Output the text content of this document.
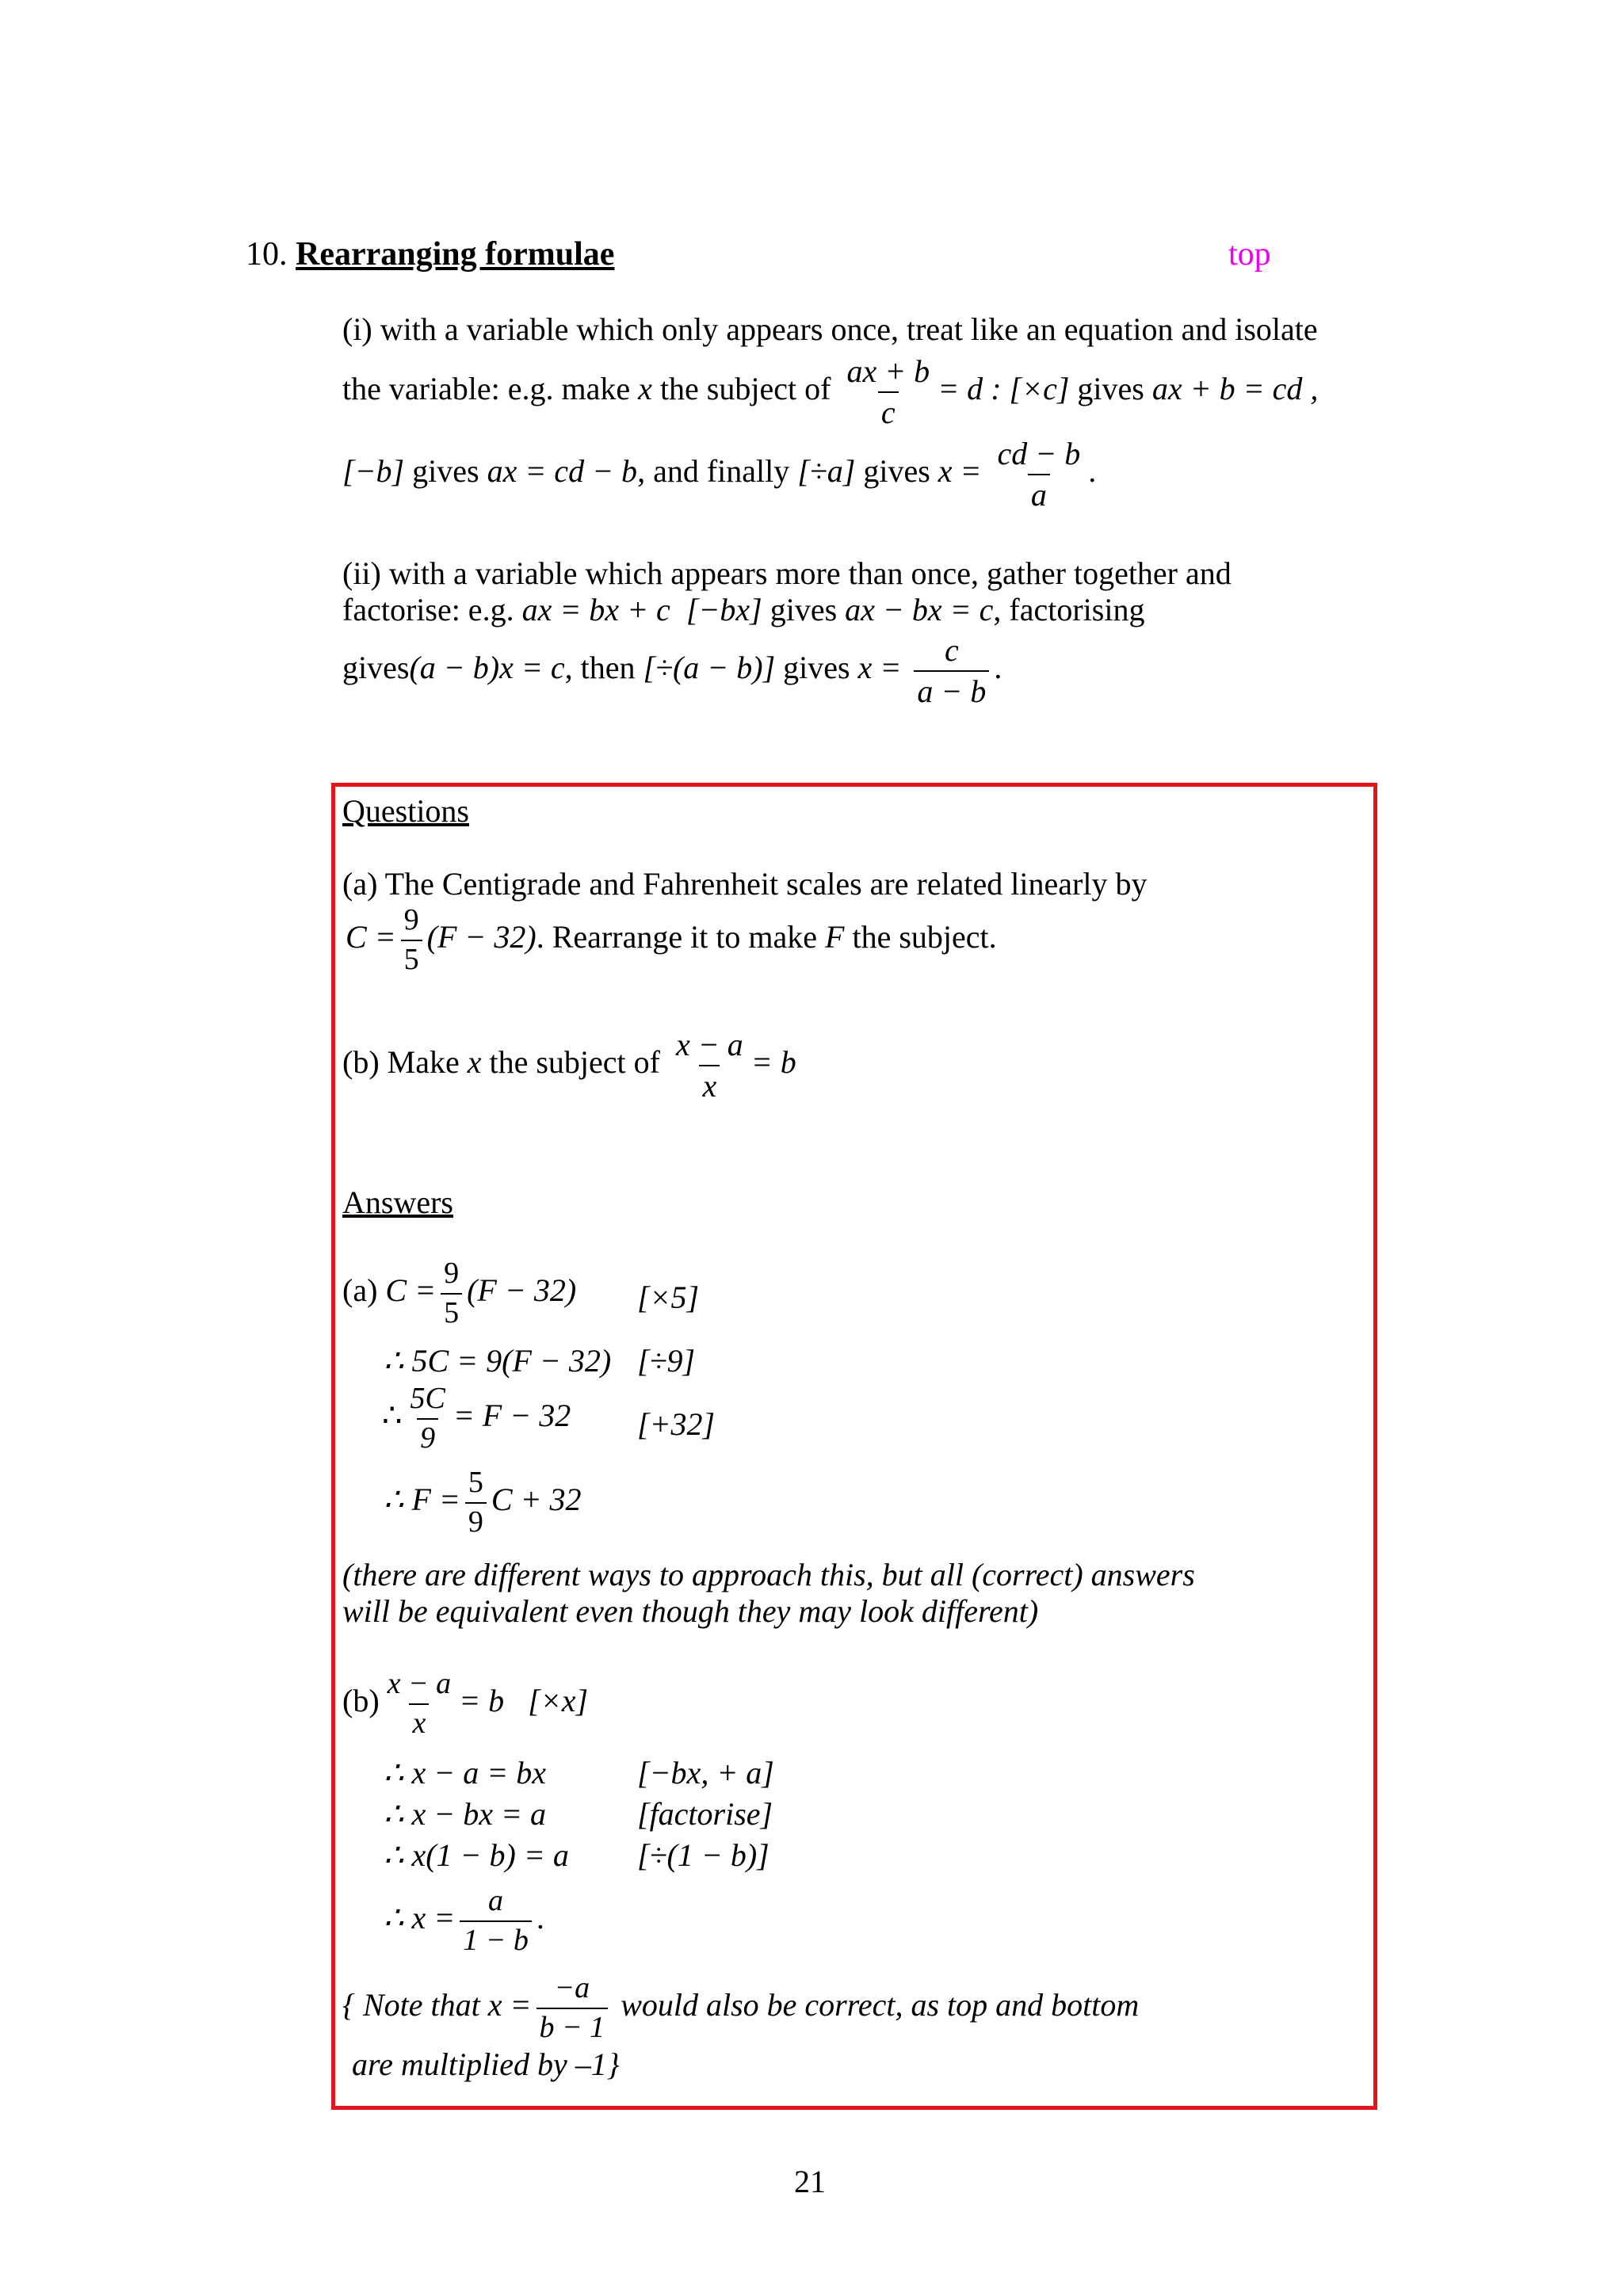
10. Rearranging formulae	top
(i) with a variable which only appears once, treat like an equation and isolate
the variable: e.g. make x the subject of $\frac{ax + b}{c} = d$ : [×c] gives ax + b = cd ,
[−b] gives ax = cd − b, and finally [÷a] gives $x = \frac{cd - b}{a}$ .
(ii) with a variable which appears more than once, gather together and
factorise: e.g. ax = bx + c [−bx] gives ax − bx = c, factorising
gives(a − b)x = c, then [÷(a − b)] gives $x = \frac{c}{a - b}$ .
Questions
(a) The Centigrade and Fahrenheit scales are related linearly by
$C = \frac{9}{5} (F - 32)$. Rearrange it to make F the subject.
(b) Make x the subject of $\frac{x - a}{x} = b$
Answers
(a) $C = \frac{9}{5} (F - 32)$ [×5]
∴ 5C = 9(F − 32) [÷9]
∴ $\frac{5C}{9} = F - 32$ [+32]
∴ $F = \frac{5}{9}$ C + 32
(there are different ways to approach this, but all (correct) answers
will be equivalent even though they may look different)
$(b) \frac{x - a}{x} = b$ [×x]
∴ x − a = bx	[−bx, + a]
∴ x − bx = a	[factorise]
∴ x(1 − b) = a [÷(1 − b)]
∴ $x = \frac{a}{1 - b}$ .
{ Note that $x = \frac{-a}{b - 1}$ would also be correct, as top and bottom
are multiplied by –1}
21
